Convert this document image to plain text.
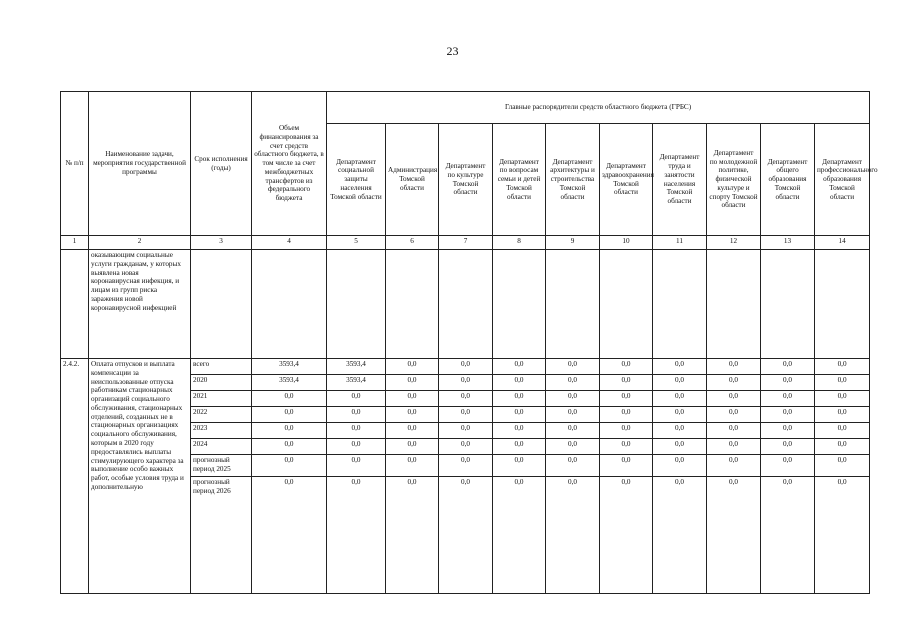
23
№ п/п	Наименование задачи, мероприятия государственной программы	Срок исполнения (годы)	Объем финансирования за счет средств областного бюджета, в том числе за счет межбюджетных трансфертов из федерального бюджета	Главные распорядители средств областного бюджета (ГРБС)									
				Департамент социальной защиты населения Томской области	Администрация Томской области	Департамент по культуре Томской области	Департамент по вопросам семьи и детей Томской области	Департамент архитектуры и строительства Томской области	Департамент здравоохранения Томской области	Департамент труда и занятости населения Томской области	Департамент по молодежной политике, физической культуре и спорту Томской области	Департамент общего образования Томской области	Департамент профессионального образования Томской области
1	2	3	4	5	6	7	8	9	10	11	12	13	14
	оказывающим социальные услуги гражданам, у которых выявлена новая коронавирусная инфекция, и лицам из групп риска заражения новой коронавирусной инфекцией												
2.4.2.	Оплата отпусков и выплата компенсации за неиспользованные отпуска работникам стационарных организаций социального обслуживания, стационарных отделений, созданных не в стационарных организациях социального обслуживания, которым в 2020 году предоставлялись выплаты стимулирующего характера за выполнение особо важных работ, особые условия труда и дополнительную	всего	3593,4	3593,4	0,0	0,0	0,0	0,0	0,0	0,0	0,0	0,0	0,0
		2020	3593,4	3593,4	0,0	0,0	0,0	0,0	0,0	0,0	0,0	0,0	0,0
		2021	0,0	0,0	0,0	0,0	0,0	0,0	0,0	0,0	0,0	0,0	0,0
		2022	0,0	0,0	0,0	0,0	0,0	0,0	0,0	0,0	0,0	0,0	0,0
		2023	0,0	0,0	0,0	0,0	0,0	0,0	0,0	0,0	0,0	0,0	0,0
		2024	0,0	0,0	0,0	0,0	0,0	0,0	0,0	0,0	0,0	0,0	0,0
		прогнозный период 2025	0,0	0,0	0,0	0,0	0,0	0,0	0,0	0,0	0,0	0,0	0,0
		прогнозный период 2026	0,0	0,0	0,0	0,0	0,0	0,0	0,0	0,0	0,0	0,0	0,0
